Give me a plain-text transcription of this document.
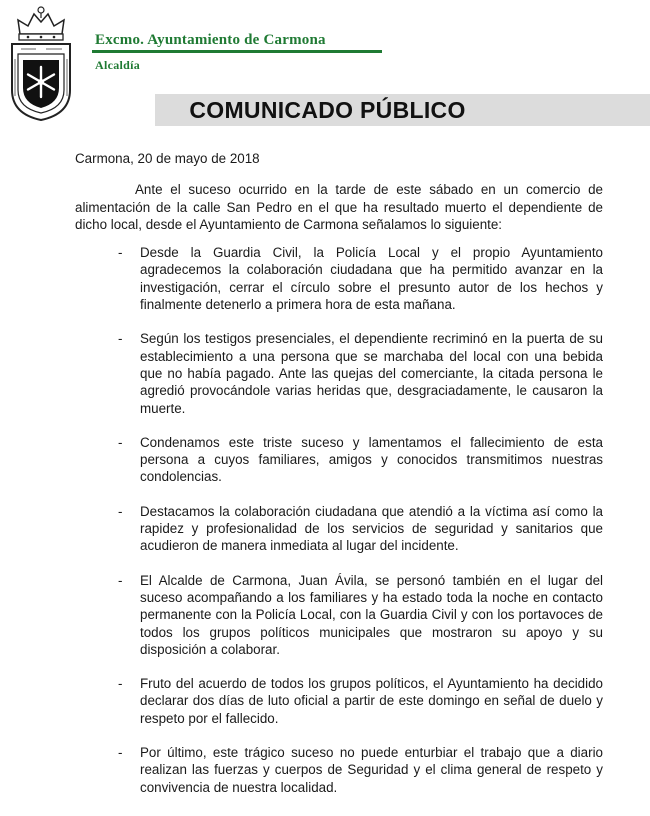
Excmo. Ayuntamiento de Carmona
Alcaldía
COMUNICADO PÚBLICO

Carmona, 20 de mayo de 2018

Ante el suceso ocurrido en la tarde de este sábado en un comercio de alimentación de la calle San Pedro en el que ha resultado muerto el dependiente de dicho local, desde el Ayuntamiento de Carmona señalamos lo siguiente:

- Desde la Guardia Civil, la Policía Local y el propio Ayuntamiento agradecemos la colaboración ciudadana que ha permitido avanzar en la investigación, cerrar el círculo sobre el presunto autor de los hechos y finalmente detenerlo a primera hora de esta mañana.
- Según los testigos presenciales, el dependiente recriminó en la puerta de su establecimiento a una persona que se marchaba del local con una bebida que no había pagado. Ante las quejas del comerciante, la citada persona le agredió provocándole varias heridas que, desgraciadamente, le causaron la muerte.
- Condenamos este triste suceso y lamentamos el fallecimiento de esta persona a cuyos familiares, amigos y conocidos transmitimos nuestras condolencias.
- Destacamos la colaboración ciudadana que atendió a la víctima así como la rapidez y profesionalidad de los servicios de seguridad y sanitarios que acudieron de manera inmediata al lugar del incidente.
- El Alcalde de Carmona, Juan Ávila, se personó también en el lugar del suceso acompañando a los familiares y ha estado toda la noche en contacto permanente con la Policía Local, con la Guardia Civil y con los portavoces de todos los grupos políticos municipales que mostraron su apoyo y su disposición a colaborar.
- Fruto del acuerdo de todos los grupos políticos, el Ayuntamiento ha decidido declarar dos días de luto oficial a partir de este domingo en señal de duelo y respeto por el fallecido.
- Por último, este trágico suceso no puede enturbiar el trabajo que a diario realizan las fuerzas y cuerpos de Seguridad y el clima general de respeto y convivencia de nuestra localidad.
